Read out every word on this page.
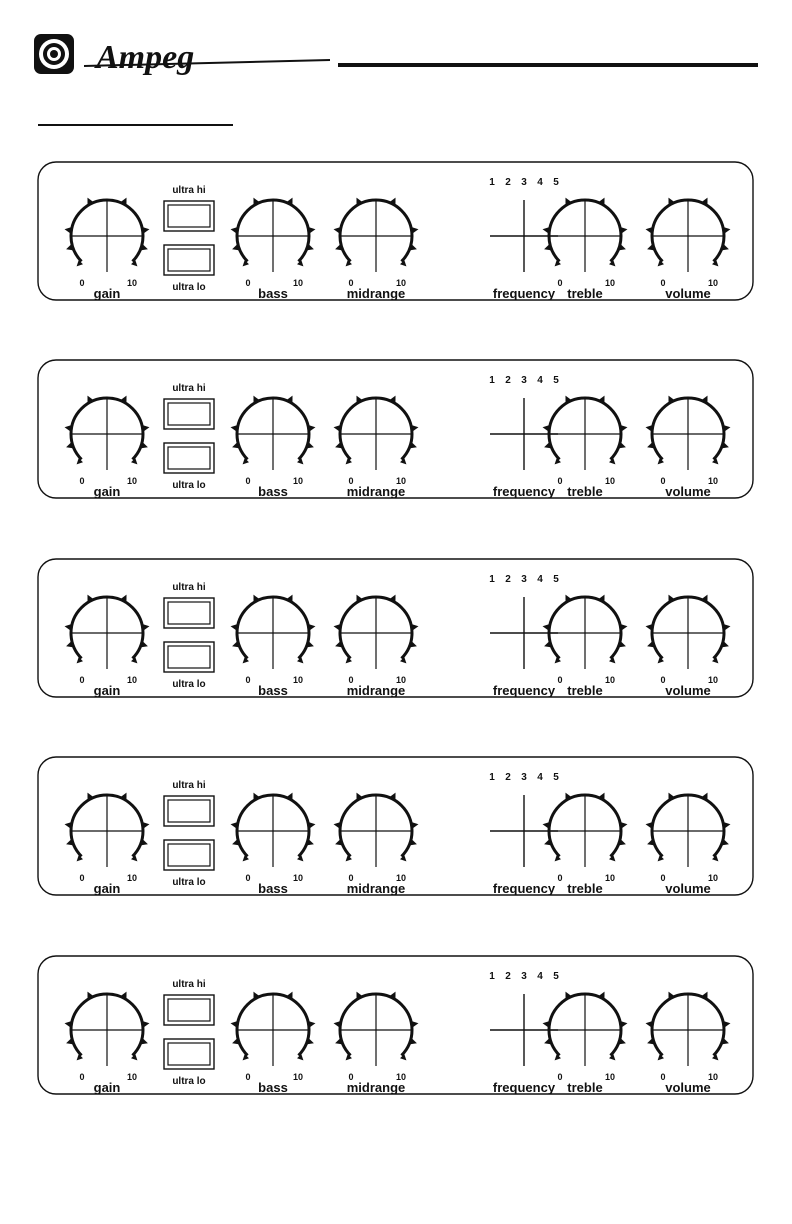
Ampeg
0	10
gain
0	10
bass
0	10
midrange
0	10
treble
0	10
volume
ultra hi
ultra lo
1 2 3 4 5
frequency
0	10
gain
0	10
bass
0	10
midrange
0	10
treble
0	10
volume
ultra hi
ultra lo
1 2 3 4 5
frequency
0	10
gain
0	10
bass
0	10
midrange
0	10
treble
0	10
volume
ultra hi
ultra lo
1 2 3 4 5
frequency
0	10
gain
0	10
bass
0	10
midrange
0	10
treble
0	10
volume
ultra hi
ultra lo
1 2 3 4 5
frequency
0	10
gain
0	10
bass
0	10
midrange
0	10
treble
0	10
volume
ultra hi
ultra lo
1 2 3 4 5
frequency
